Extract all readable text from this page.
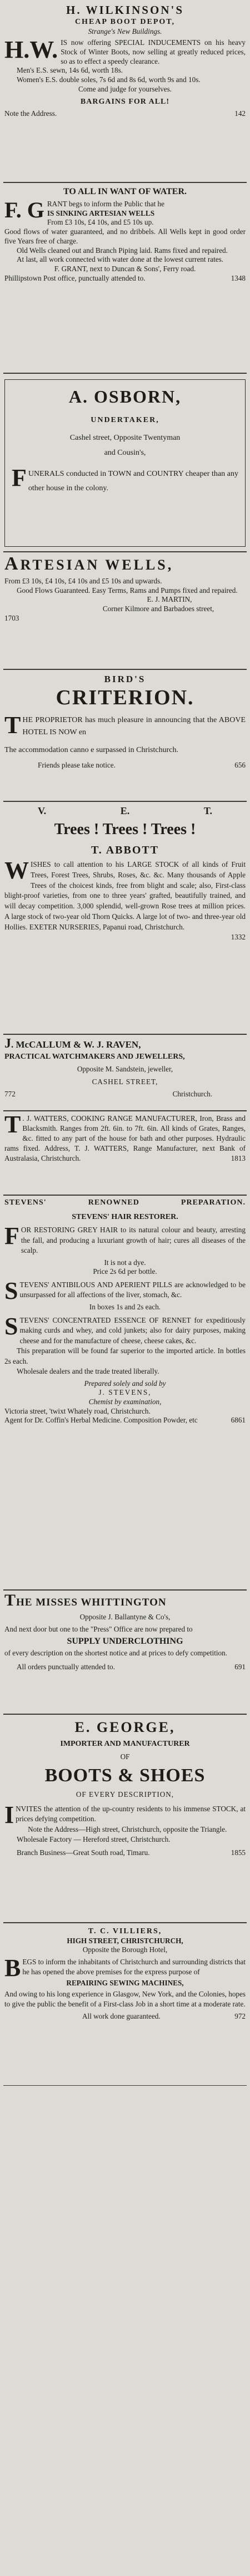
H. WILKINSON'S
CHEAP BOOT DEPOT,
Strange's New Buildings.
H.W. IS now offering SPECIAL INDUCEMENTS on his heavy Stock of Winter Boots, now selling at greatly reduced prices, so as to effect a speedy clearance.

Men's E.S. sewn, 14s 6d, worth 18s.

Women's E.S. double soles, 7s 6d and 8s 6d, worth 9s and 10s.

Come and judge for yourselves.

BARGAINS FOR ALL!
Note the Address.	142
TO ALL IN WANT OF WATER.
F. G RANT begs to inform the Public that he
IS SINKING ARTESIAN WELLS
From £3 10s, £4 10s, and £5 10s up.

Good flows of water guaranteed, and no dribbels. All Wells kept in good order five Years free of charge.

Old Wells cleaned out and Branch Piping laid. Rams fixed and repaired.

At last, all work connected with water done at the lowest current rates.

F. GRANT, next to Duncan & Sons', Ferry road.

Phillipstown Post office, punctually attended to.	1348
A. OSBORN,
UNDERTAKER,
Cashel street, Opposite Twentyman
and Cousin's,
F UNERALS conducted in TOWN and COUNTRY cheaper than any other house in the colony.
ARTESIAN WELLS,

From £3 10s, £4 10s, £4 10s and £5 10s and upwards.

Good Flows Guaranteed. Easy Terms, Rams and Pumps fixed and repaired.

E. J. MARTIN,

Corner Kilmore and Barbadoes street,

1703

BIRD'S
CRITERION.
T HE PROPRIETOR has much pleasure in announcing that the ABOVE HOTEL IS NOW en

The accommodation canno e surpassed in Christchurch.

Friends please take notice.	656
V.	E.	T.
Trees ! Trees ! Trees !
T. ABBOTT
W ISHES to call attention to his LARGE STOCK of all kinds of Fruit Trees, Forest Trees, Shrubs, Roses, &c. &c. Many thousands of Apple Trees of the choicest kinds, free from blight and scale; also, First-class blight-proof varieties, from one to three years' grafted, beautifully trained, and will decay competition. 3,000 splendid, well-grown Rose trees at million prices. A large stock of two-year old Thorn Quicks. A large lot of two- and three-year old Hollies. EXETER NURSERIES, Papanui road, Christchurch.
1332
J. McCALLUM & W. J. RAVEN,
PRACTICAL WATCHMAKERS AND JEWELLERS,
Opposite M. Sandstein, jeweller,
CASHEL STREET,
772	Christchurch.
T . J. WATTERS, COOKING RANGE MANUFACTURER, Iron, Brass and Blacksmith. Ranges from 2ft. 6in. to 7ft. 6in. All kinds of Grates, Ranges, &c. fitted to any part of the house for bath and other purposes. Hydraulic rams fixed. Address, T. J. WATTERS, Range Manufacturer, next Bank of Australasia, Christchurch.	1813
STEVENS' RENOWNED PREPARATION.
STEVENS' HAIR RESTORER.
F OR RESTORING GREY HAIR to its natural colour and beauty, arresting the fall, and producing a luxuriant growth of hair; cures all diseases of the scalp.

It is not a dye.

Price 2s 6d per bottle.

S TEVENS' ANTIBILOUS AND APERIENT PILLS are acknowledged to be unsurpassed for all affections of the liver, stomach, &c.

In boxes 1s and 2s each.

S TEVENS' CONCENTRATED ESSENCE OF RENNET for expeditiously making curds and whey, and cold junkets; also for dairy purposes, making cheese and for the manufacture of cheese, cheese cakes, &c.

This preparation will be found far superior to the imported article. In bottles 2s each.

Wholesale dealers and the trade treated liberally.

Prepared solely and sold by

J. STEVENS,

Chemist by examination,

Victoria street, 'twixt Whately road, Christchurch.

Agent for Dr. Coffin's Herbal Medicine. Composition Powder, etc	6861
THE MISSES WHITTINGTON

Opposite J. Ballantyne & Co's,

And next door but one to the "Press" Office are now prepared to

SUPPLY UNDERCLOTHING

of every description on the shortest notice and at prices to defy competition.

All orders punctually attended to.	691
E. GEORGE,
IMPORTER AND MANUFACTURER
OF
BOOTS & SHOES
OF EVERY DESCRIPTION,
I NVITES the attention of the up-country residents to his immense STOCK, at prices defying competition.

Note the Address—High street, Christchurch, opposite the Triangle.

Wholesale Factory — Hereford street, Christchurch.

Branch Business—Great South road, Timaru.	1855
T. C. VILLIERS,
HIGH STREET, CHRISTCHURCH,
Opposite the Borough Hotel,
B EGS to inform the inhabitants of Christchurch and surrounding districts that he has opened the above premises for the express purpose of

REPAIRING SEWING MACHINES,

And owing to his long experience in Glasgow, New York, and the Colonies, hopes to give the public the benefit of a First-class Job in a short time at a moderate rate.

All work done guaranteed.	972
